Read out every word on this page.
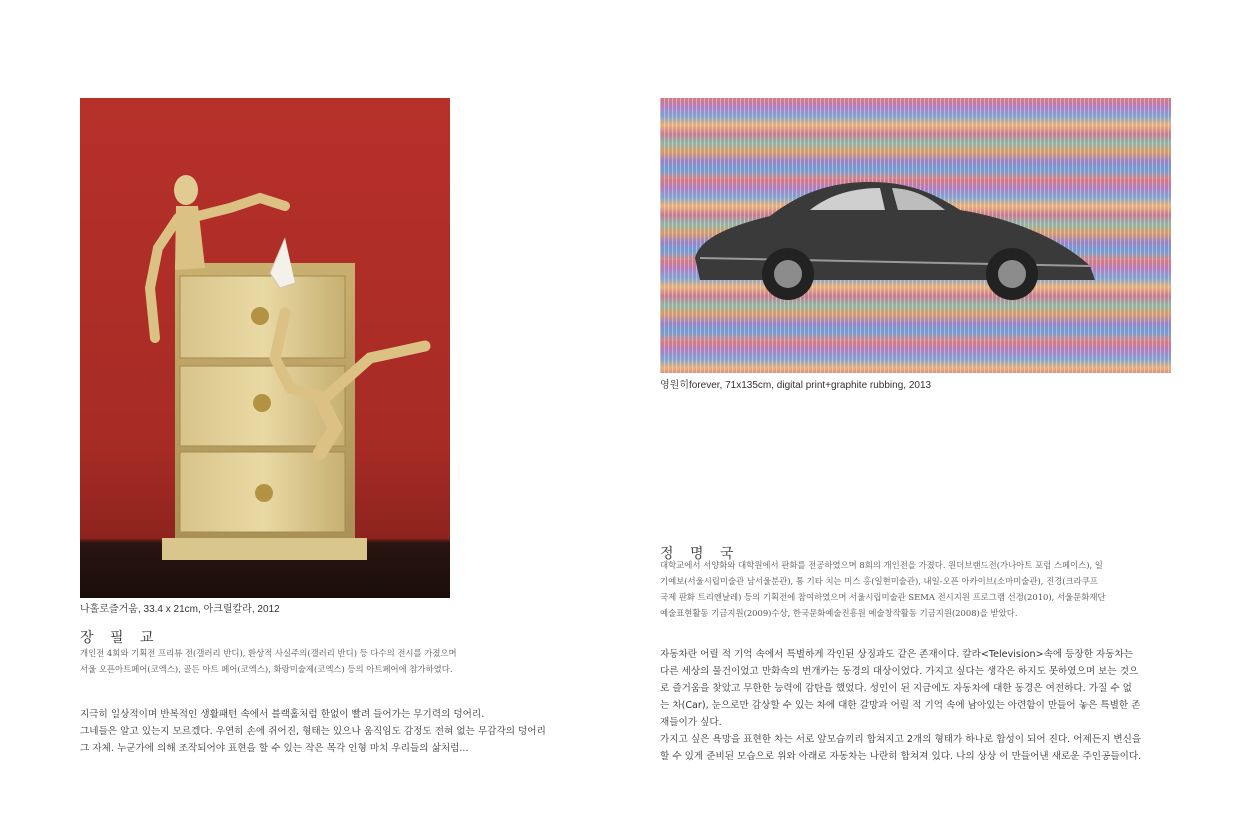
나홀로즐거움, 33.4 x 21cm, 아크릴칼라, 2012
장 필 교

개인전 4회와 기획전 프리뷰 전(갤러리 반디), 환상적 사실주의(갤러리 반디) 등 다수의 전시를 가졌으며

서울 오픈아트페어(코엑스), 골든 아트 페어(코엑스), 화랑미술제(코엑스) 등의 아트페어에 참가하였다.

지극히 일상적이며 반복적인 생활패턴 속에서 블랙홀처럼 한없이 빨려 들어가는 무기력의 덩어리.

그네들은 알고 있는지 모르겠다. 우연히 손에 쥐어진, 형태는 있으나 움직임도 감정도 전혀 없는 무감각의 덩어리

그 자체. 누군가에 의해 조작되어야 표현을 할 수 있는 작은 목각 인형 마치 우리들의 삶처럼...

영원히forever, 71x135cm, digital print+graphite rubbing, 2013
정 명 국

대학교에서 서양화와 대학원에서 판화를 전공하였으며 8회의 개인전을 가졌다. 원더브랜드전(가나아트 포럼 스페이스), 일

기예보(서울시립미술관 남서울분관), 통 기타 치는 미스 홍(일현미술관), 내일-오픈 아카이브(소마미술관), 진경(크라쿠프

국제 판화 트리엔날레) 등의 기획전에 참여하였으며 서울시립미술관 SEMA 전시지원 프로그램 선정(2010), 서울문화재단

예술표현활동 기금지원(2009)수상, 한국문화예술진흥원 예술창작활동 기금지원(2008)을 받았다.

자동차란 어릴 적 기억 속에서 특별하게 각인된 상징과도 같은 존재이다. 칼라<Television>속에 등장한 자동차는

다른 세상의 물건이었고 만화속의 번개카는 동경의 대상이었다. 가지고 싶다는 생각은 하지도 못하였으며 보는 것으

로 즐거움을 찾았고 무한한 능력에 감탄을 했었다. 성인이 된 지금에도 자동차에 대한 동경은 여전하다. 가질 수 없

는 차(Car), 눈으로만 감상할 수 있는 차에 대한 갈망과 어릴 적 기억 속에 남아있는 아련함이 만들어 놓은 특별한 존

재들이가 싶다.

가지고 싶은 욕망을 표현한 차는 서로 앞모습끼리 합쳐지고 2개의 형태가 하나로 합성이 되어 진다. 어제든지 변신을

할 수 있게 준비된 모습으로 위와 아래로 자동차는 나란히 합쳐져 있다. 나의 상상 이 만들어낸 새로운 주인공들이다.
